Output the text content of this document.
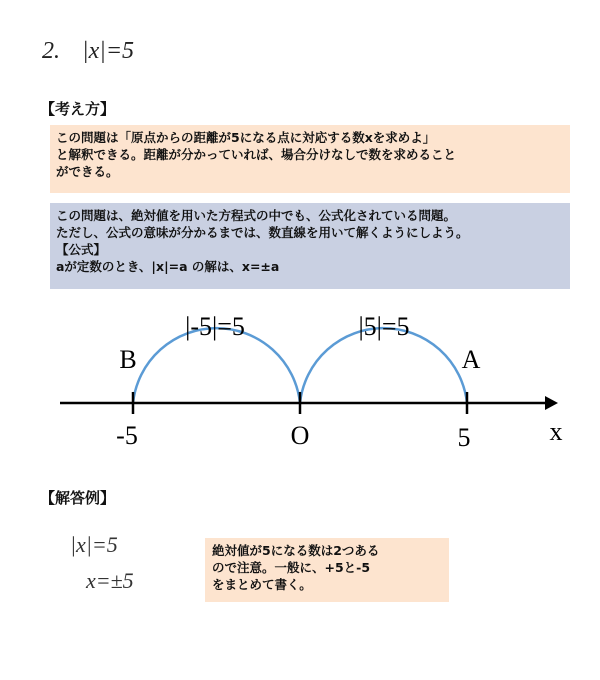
2. |x|=5
【考え方】
この問題は「原点からの距離が5になる点に対応する数xを求めよ」
と解釈できる。距離が分かっていれば、場合分けなしで数を求めること
ができる。
この問題は、絶対値を用いた方程式の中でも、公式化されている問題。
ただし、公式の意味が分かるまでは、数直線を用いて解くようにしよう。
【公式】
aが定数のとき、|x|=a の解は、x=±a
|-5|=5	|5|=5
B	A
-5	O	5	x
【解答例】
|x|=5
x=±5
絶対値が5になる数は2つある
ので注意。一般に、+5と-5
をまとめて書く。
